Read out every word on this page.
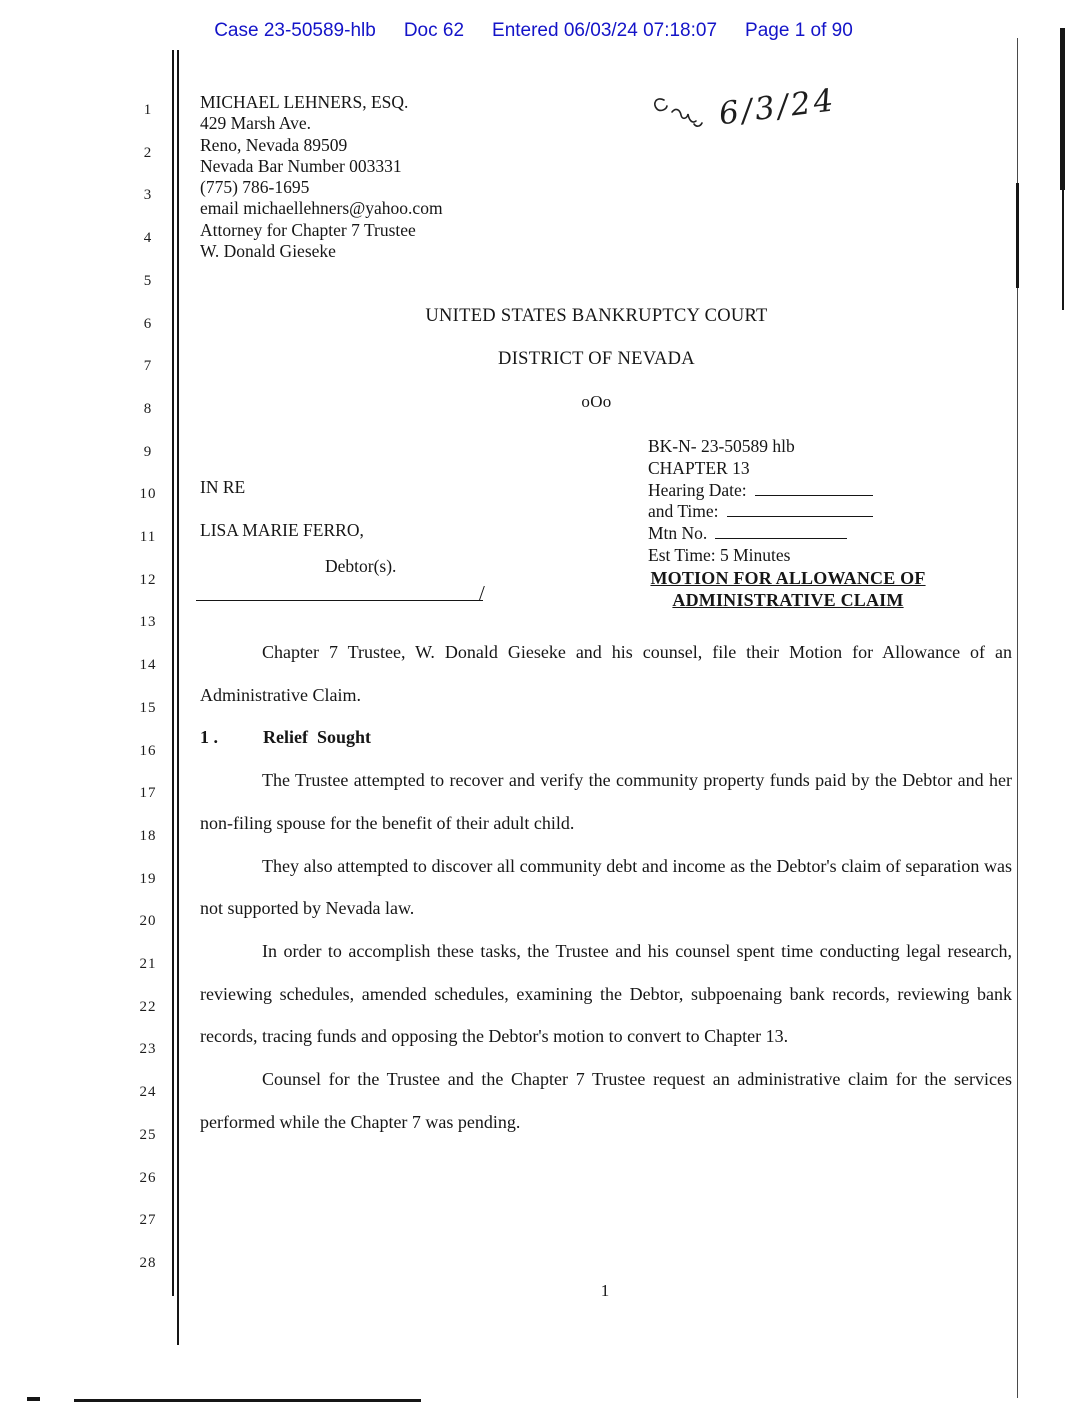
Case 23-50589-hlb Doc 62 Entered 06/03/24 07:18:07 Page 1 of 90
1
2
3
4
5
6
7
8
9
10
11
12
13
14
15
16
17
18
19
20
21
22
23
24
25
26
27
28
MICHAEL LEHNERS, ESQ.
429 Marsh Ave.
Reno, Nevada 89509
Nevada Bar Number 003331
(775) 786-1695
email michaellehners@yahoo.com
Attorney for Chapter 7 Trustee
W. Donald Gieseke
6/3/24
UNITED STATES BANKRUPTCY COURT
DISTRICT OF NEVADA
oOo
IN RE
LISA MARIE FERRO,
Debtor(s).
/
BK-N- 23-50589 hlb
CHAPTER 13
Hearing Date:
and Time:
Mtn No.
Est Time: 5 Minutes
MOTION FOR ALLOWANCE OF
ADMINISTRATIVE CLAIM

Chapter 7 Trustee, W. Donald Gieseke and his counsel, file their Motion for Allowance of an Administrative Claim.

1 .	Relief  Sought

The Trustee attempted to recover and verify the community property funds paid by the Debtor and her non-filing spouse for the benefit of their adult child.

They also attempted to discover all community debt and income as the Debtor's claim of separation was not supported by Nevada law.

In order to accomplish these tasks, the Trustee and his counsel spent time conducting legal research, reviewing schedules, amended schedules, examining the Debtor, subpoenaing bank records, reviewing bank records, tracing funds and opposing the Debtor's motion to convert to Chapter 13.

Counsel for the Trustee and the Chapter 7 Trustee request an administrative claim for the services performed while the Chapter 7 was pending.

1
